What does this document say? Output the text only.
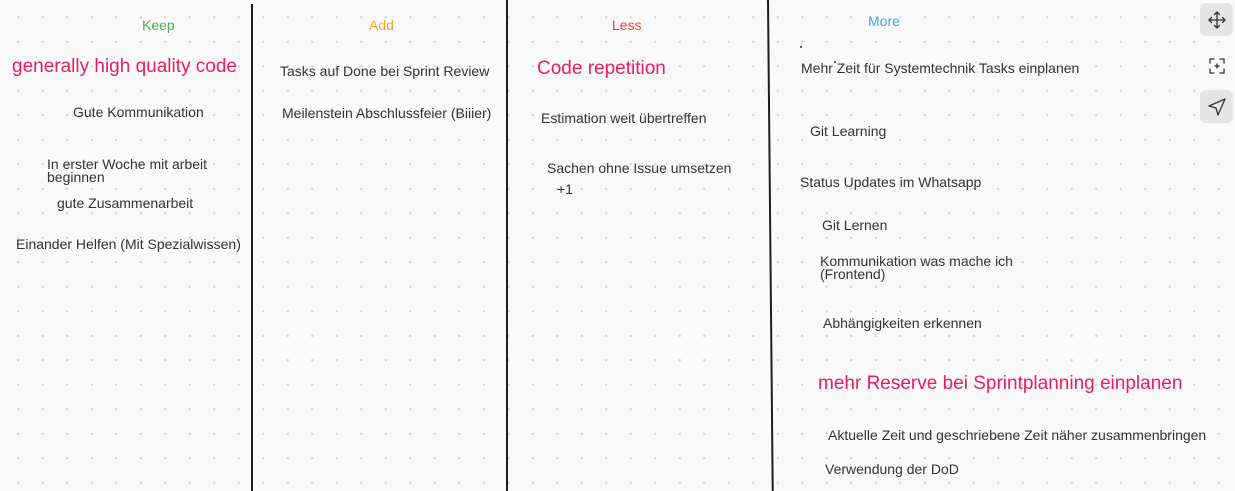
Keep	Add	Less	More
generally high quality code
Gute Kommunikation
In erster Woche mit arbeit
beginnen
gute Zusammenarbeit
Einander Helfen (Mit Spezialwissen)
Tasks auf Done bei Sprint Review
Meilenstein Abschlussfeier (Biiier)
Code repetition
Estimation weit übertreffen
Sachen ohne Issue umsetzen
+1
Mehr Zeit für Systemtechnik Tasks einplanen
Git Learning
Status Updates im Whatsapp
Git Lernen
Kommunikation was mache ich
(Frontend)
Abhängigkeiten erkennen
mehr Reserve bei Sprintplanning einplanen
Aktuelle Zeit und geschriebene Zeit näher zusammenbringen
Verwendung der DoD
